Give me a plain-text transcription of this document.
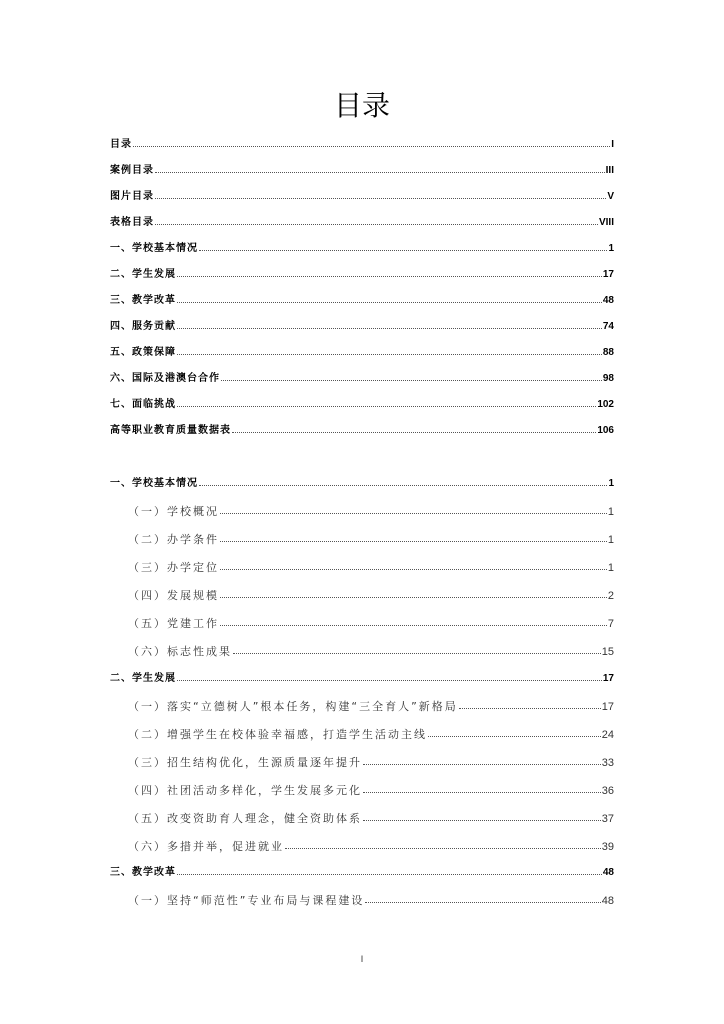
目录
目录	I
案例目录	III
图片目录	V
表格目录	VIII
一、学校基本情况	1
二、学生发展	17
三、教学改革	48
四、服务贡献	74
五、政策保障	88
六、国际及港澳台合作	98
七、面临挑战	102
高等职业教育质量数据表	106
一、学校基本情况	1
（一）学校概况	1
（二）办学条件	1
（三）办学定位	1
（四）发展规模	2
（五）党建工作	7
（六）标志性成果	15
二、学生发展	17
（一）落实“立德树人”根本任务，构建“三全育人”新格局	17
（二）增强学生在校体验幸福感，打造学生活动主线	24
（三）招生结构优化，生源质量逐年提升	33
（四）社团活动多样化，学生发展多元化	36
（五）改变资助育人理念，健全资助体系	37
（六）多措并举，促进就业	39
三、教学改革	48
（一）坚持“师范性”专业布局与课程建设	48
I
